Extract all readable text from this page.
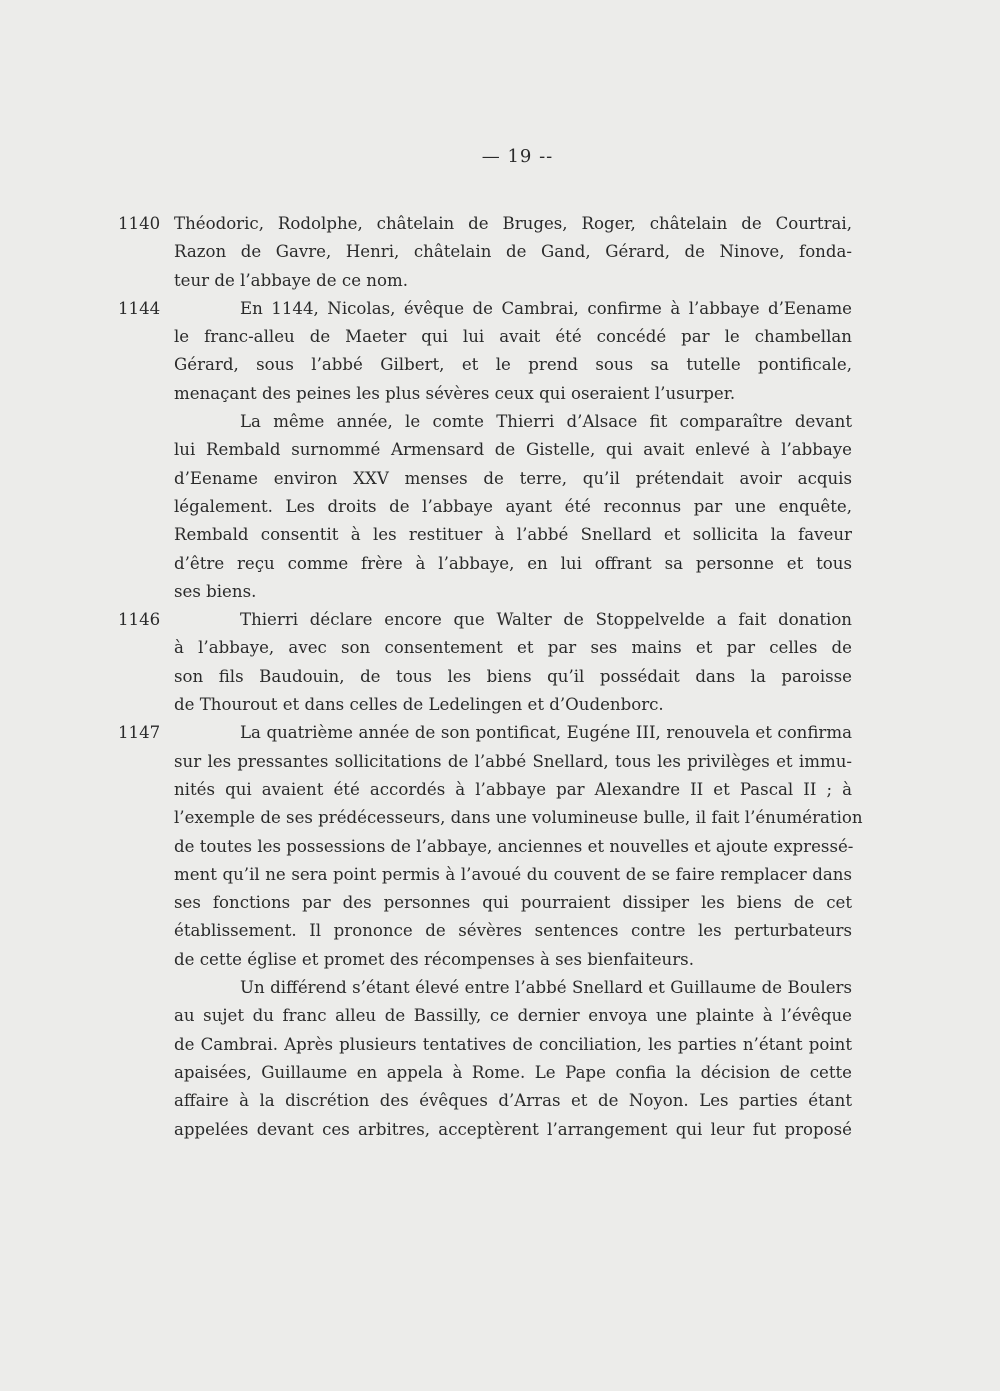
— 19 --
1140 Théodoric, Rodolphe, châtelain de Bruges, Roger, châtelain de Courtrai,
Razon de Gavre, Henri, châtelain de Gand, Gérard, de Ninove, fonda-
teur de l’abbaye de ce nom.
1144	En 1144, Nicolas, évêque de Cambrai, confirme à l’abbaye d’Eename
le franc-alleu de Maeter qui lui avait été concédé par le chambellan
Gérard, sous l’abbé Gilbert, et le prend sous sa tutelle pontificale,
menaçant des peines les plus sévères ceux qui oseraient l’usurper.
La même année, le comte Thierri d’Alsace fit comparaître devant
lui Rembald surnommé Armensard de Gistelle, qui avait enlevé à l’abbaye
d’Eename environ XXV menses de terre, qu’il prétendait avoir acquis
légalement. Les droits de l’abbaye ayant été reconnus par une enquête,
Rembald consentit à les restituer à l’abbé Snellard et sollicita la faveur
d’être reçu comme frère à l’abbaye, en lui offrant sa personne et tous
ses biens.
1146	Thierri déclare encore que Walter de Stoppelvelde a fait donation
à l’abbaye, avec son consentement et par ses mains et par celles de
son fils Baudouin, de tous les biens qu’il possédait dans la paroisse
de Thourout et dans celles de Ledelingen et d’Oudenborc.
1147	La quatrième année de son pontificat, Eugéne III, renouvela et confirma
sur les pressantes sollicitations de l’abbé Snellard, tous les privilèges et immu-
nités qui avaient été accordés à l’abbaye par Alexandre II et Pascal II ; à
l’exemple de ses prédécesseurs, dans une volumineuse bulle, il fait l’énumération
de toutes les possessions de l’abbaye, anciennes et nouvelles et ajoute expressé-
ment qu’il ne sera point permis à l’avoué du couvent de se faire remplacer dans
ses fonctions par des personnes qui pourraient dissiper les biens de cet
établissement. Il prononce de sévères sentences contre les perturbateurs
de cette église et promet des récompenses à ses bienfaiteurs.
Un différend s’étant élevé entre l’abbé Snellard et Guillaume de Boulers
au sujet du franc alleu de Bassilly, ce dernier envoya une plainte à l’évêque
de Cambrai. Après plusieurs tentatives de conciliation, les parties n’étant point
apaisées, Guillaume en appela à Rome. Le Pape confia la décision de cette
affaire à la discrétion des évêques d’Arras et de Noyon. Les parties étant
appelées devant ces arbitres, acceptèrent l’arrangement qui leur fut proposé
